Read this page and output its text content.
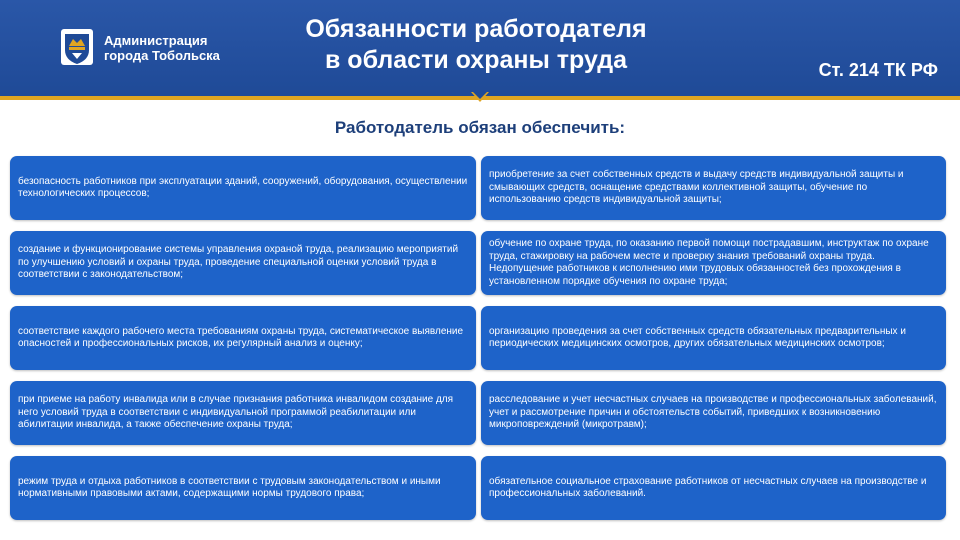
Администрация
города Тобольска
Обязанности работодателя
в области охраны труда	Ст. 214 ТК РФ
Работодатель обязан обеспечить:
безопасность работников при эксплуатации зданий, сооружений, оборудования, осуществлении технологических процессов;
создание и функционирование системы управления охраной труда, реализацию мероприятий по улучшению условий и охраны труда, проведение специальной оценки условий труда в соответствии с законодательством;
соответствие каждого рабочего места требованиям охраны труда, систематическое выявление опасностей и профессиональных рисков, их регулярный анализ и оценку;
при приеме на работу инвалида или в случае признания работника инвалидом создание для него условий труда в соответствии с индивидуальной программой реабилитации или абилитации инвалида, а также обеспечение охраны труда;
режим труда и отдыха работников в соответствии с трудовым законодательством и иными нормативными правовыми актами, содержащими нормы трудового права;
приобретение за счет собственных средств и выдачу средств индивидуальной защиты и смывающих средств, оснащение средствами коллективной защиты, обучение по использованию средств индивидуальной защиты;
обучение по охране труда, по оказанию первой помощи пострадавшим, инструктаж по охране труда, стажировку на рабочем месте и проверку знания требований охраны труда. Недопущение работников к исполнению ими трудовых обязанностей без прохождения в установленном порядке обучения по охране труда;
организацию проведения за счет собственных средств обязательных предварительных и периодических медицинских осмотров, других обязательных медицинских осмотров;
расследование и учет несчастных случаев на производстве и профессиональных заболеваний, учет и рассмотрение причин и обстоятельств событий, приведших к возникновению микроповреждений (микротравм);
обязательное социальное страхование работников от несчастных случаев на производстве и профессиональных заболеваний.
